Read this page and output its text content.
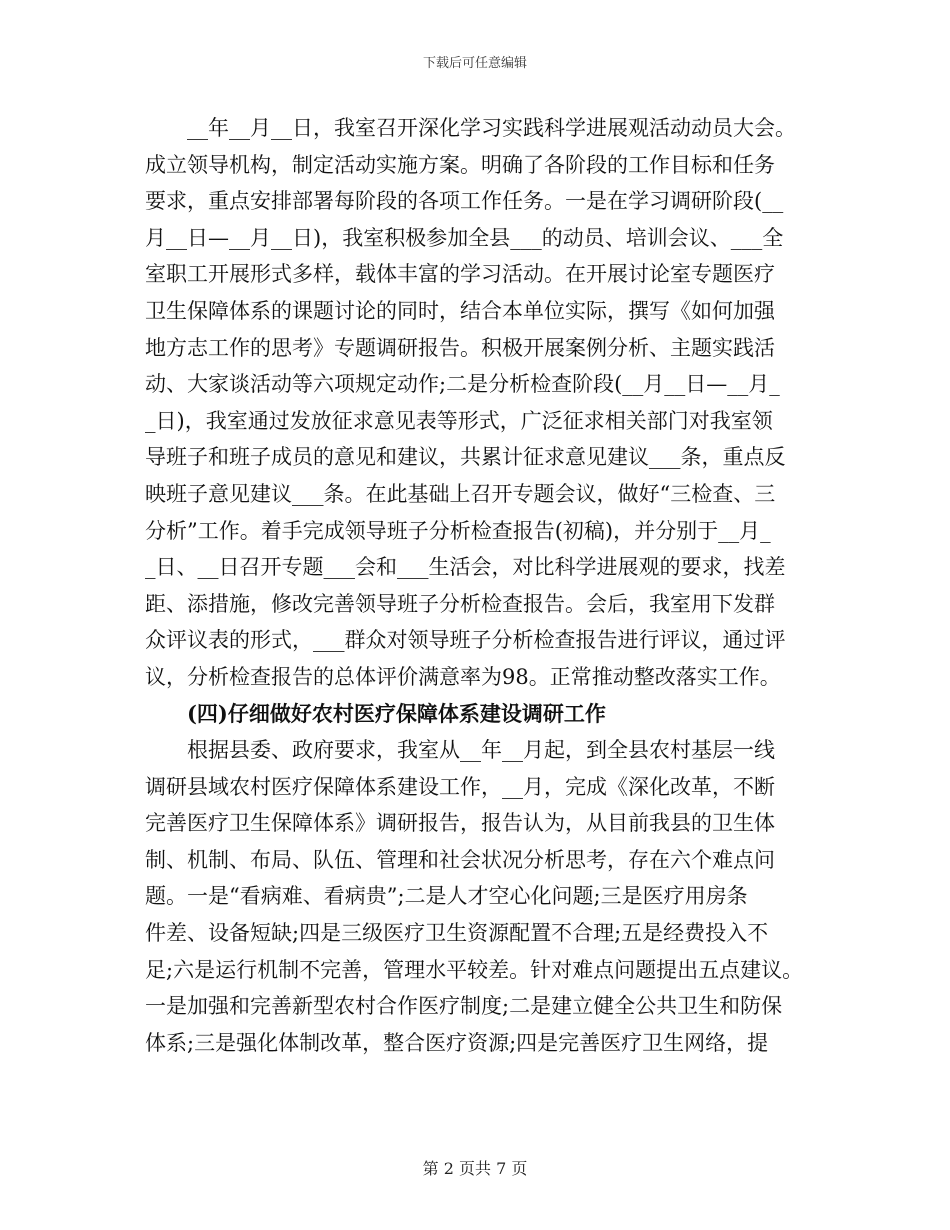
下载后可任意编辑
__年__月__日，我室召开深化学习实践科学进展观活动动员大会。
成立领导机构，制定活动实施方案。明确了各阶段的工作目标和任务
要求，重点安排部署每阶段的各项工作任务。一是在学习调研阶段(__
月__日—__月__日)，我室积极参加全县___的动员、培训会议、___全
室职工开展形式多样，载体丰富的学习活动。在开展讨论室专题医疗
卫生保障体系的课题讨论的同时，结合本单位实际，撰写《如何加强
地方志工作的思考》专题调研报告。积极开展案例分析、主题实践活
动、大家谈活动等六项规定动作;二是分析检查阶段(__月__日—__月_
_日)，我室通过发放征求意见表等形式，广泛征求相关部门对我室领
导班子和班子成员的意见和建议，共累计征求意见建议___条，重点反
映班子意见建议___条。在此基础上召开专题会议，做好“三检查、三
分析”工作。着手完成领导班子分析检查报告(初稿)，并分别于__月_
_日、__日召开专题___会和___生活会，对比科学进展观的要求，找差
距、添措施，修改完善领导班子分析检查报告。会后，我室用下发群
众评议表的形式，___群众对领导班子分析检查报告进行评议，通过评
议，分析检查报告的总体评价满意率为98。正常推动整改落实工作。
(四)仔细做好农村医疗保障体系建设调研工作
根据县委、政府要求，我室从__年__月起，到全县农村基层一线
调研县域农村医疗保障体系建设工作，__月，完成《深化改革，不断
完善医疗卫生保障体系》调研报告，报告认为，从目前我县的卫生体
制、机制、布局、队伍、管理和社会状况分析思考，存在六个难点问
题。一是“看病难、看病贵”;二是人才空心化问题;三是医疗用房条
件差、设备短缺;四是三级医疗卫生资源配置不合理;五是经费投入不
足;六是运行机制不完善，管理水平较差。针对难点问题提出五点建议。
一是加强和完善新型农村合作医疗制度;二是建立健全公共卫生和防保
体系;三是强化体制改革，整合医疗资源;四是完善医疗卫生网络，提
第 2 页共 7 页
